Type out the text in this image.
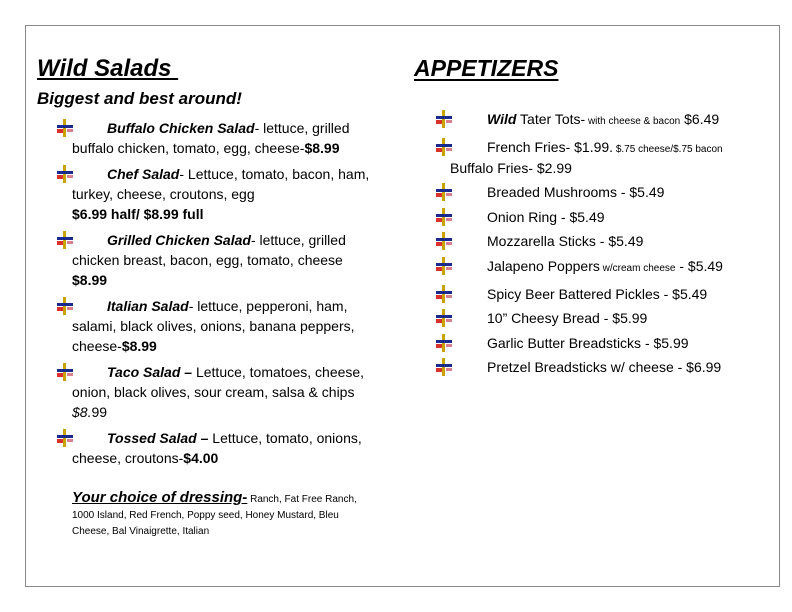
Wild Salads
Biggest and best around!
Buffalo Chicken Salad- lettuce, grilled buffalo chicken, tomato, egg, cheese-$8.99
Chef Salad- Lettuce, tomato, bacon, ham, turkey, cheese, croutons, egg
$6.99 half/ $8.99 full
Grilled Chicken Salad- lettuce, grilled chicken breast, bacon, egg, tomato, cheese
$8.99
Italian Salad- lettuce, pepperoni, ham, salami, black olives, onions, banana peppers, cheese-$8.99
Taco Salad – Lettuce, tomatoes, cheese, onion, black olives, sour cream, salsa & chips
$8.99
Tossed Salad – Lettuce, tomato, onions, cheese, croutons-$4.00
Your choice of dressing- Ranch, Fat Free Ranch, 1000 Island, Red French, Poppy seed, Honey Mustard, Bleu Cheese, Bal Vinaigrette, Italian
APPETIZERS
Wild Tater Tots- with cheese & bacon $6.49
French Fries- $1.99. $.75 cheese/$.75 bacon
Buffalo Fries- $2.99
Breaded Mushrooms - $5.49
Onion Ring - $5.49
Mozzarella Sticks - $5.49
Jalapeno Poppers w/cream cheese - $5.49
Spicy Beer Battered Pickles - $5.49
10” Cheesy Bread - $5.99
Garlic Butter Breadsticks - $5.99
Pretzel Breadsticks w/ cheese - $6.99
